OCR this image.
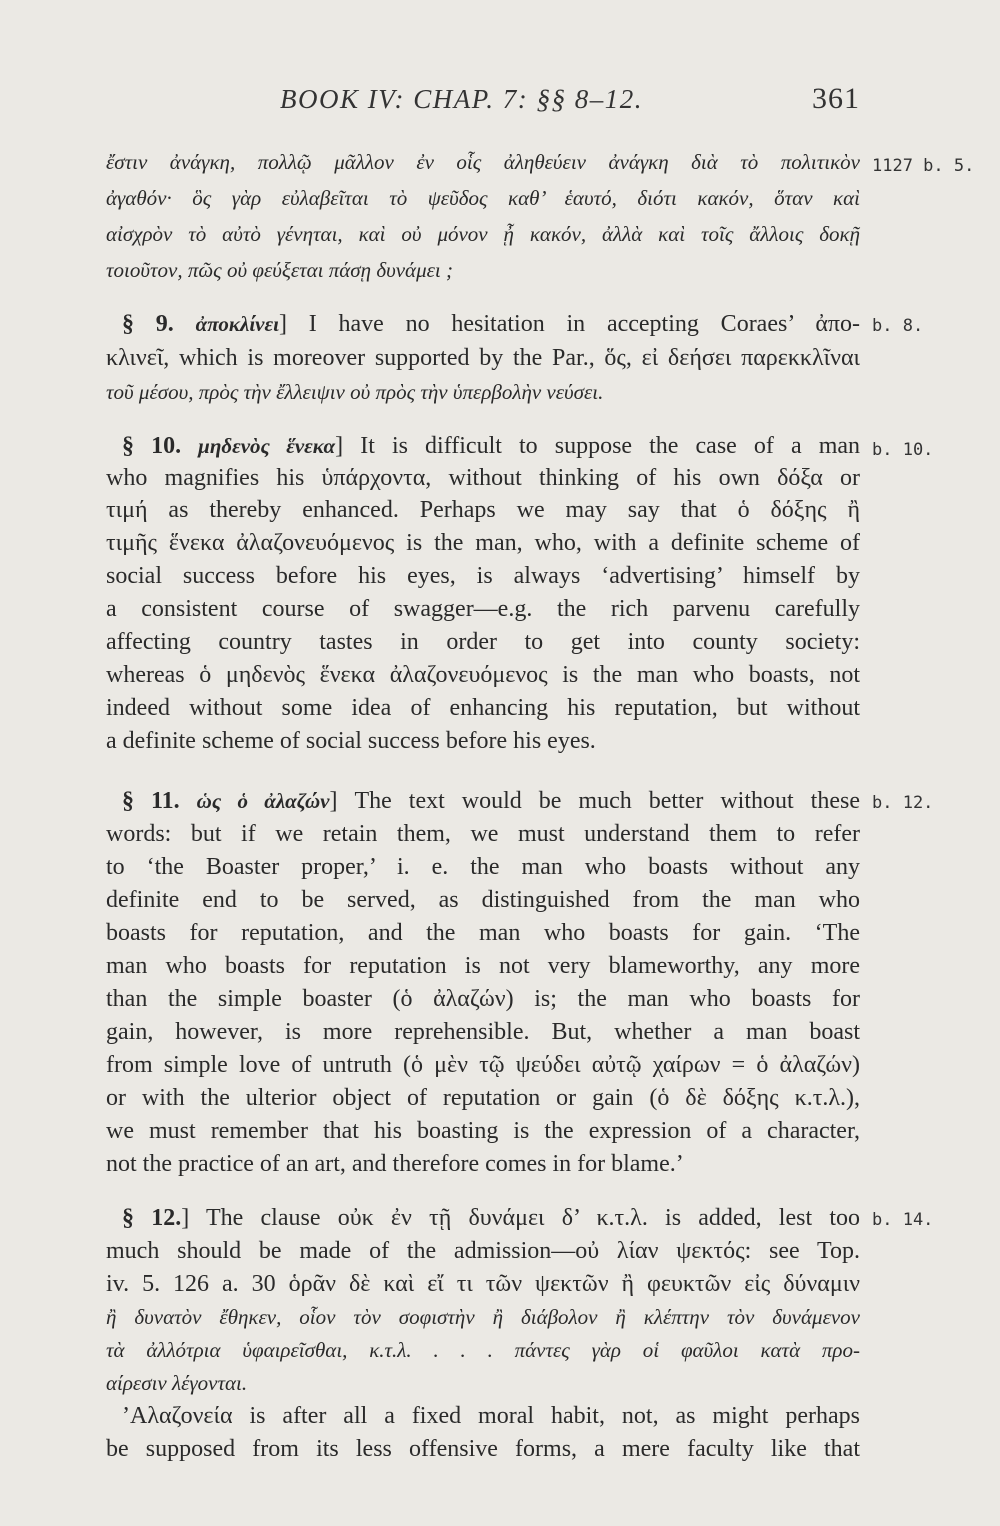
BOOK IV: CHAP. 7: §§ 8–12.	361
ἔστιν ἀνάγκη, πολλῷ μᾶλλον ἐν οἷς ἀληθεύειν ἀνάγκη διὰ τὸ πολιτικὸν
ἀγαθόν· ὃς γὰρ εὐλαβεῖται τὸ ψεῦδος καθ’ ἑαυτό, διότι κακόν, ὅταν καὶ
αἰσχρὸν τὸ αὐτὸ γένηται, καὶ οὐ μόνον ᾖ κακόν, ἀλλὰ καὶ τοῖς ἄλλοις δοκῇ
τοιοῦτον, πῶς οὐ φεύξεται πάσῃ δυνάμει ;
1127 b. 5.
§ 9. ἀποκλίνει] I have no hesitation in accepting Coraes’ ἀπο- b. 8.
κλινεῖ, which is moreover supported by the Par., ὅς, εἰ δεήσει παρεκκλῖναι
τοῦ μέσου, πρὸς τὴν ἔλλειψιν οὐ πρὸς τὴν ὑπερβολὴν νεύσει.
§ 10. μηδενὸς ἕνεκα] It is difficult to suppose the case of a man b. 10.
who magnifies his ὑπάρχοντα, without thinking of his own δόξα or
τιμή as thereby enhanced. Perhaps we may say that ὁ δόξης ἢ
τιμῆς ἕνεκα ἀλαζονευόμενος is the man, who, with a definite scheme of
social success before his eyes, is always ‘advertising’ himself by
a consistent course of swagger—e.g. the rich parvenu carefully
affecting country tastes in order to get into county society:
whereas ὁ μηδενὸς ἕνεκα ἀλαζονευόμενος is the man who boasts, not
indeed without some idea of enhancing his reputation, but without
a definite scheme of social success before his eyes.
§ 11. ὡς ὁ ἀλαζών] The text would be much better without these b. 12.
words: but if we retain them, we must understand them to refer
to ‘the Boaster proper,’ i. e. the man who boasts without any
definite end to be served, as distinguished from the man who
boasts for reputation, and the man who boasts for gain. ‘The
man who boasts for reputation is not very blameworthy, any more
than the simple boaster (ὁ ἀλαζών) is; the man who boasts for
gain, however, is more reprehensible. But, whether a man boast
from simple love of untruth (ὁ μὲν τῷ ψεύδει αὐτῷ χαίρων = ὁ ἀλαζών)
or with the ulterior object of reputation or gain (ὁ δὲ δόξης κ.τ.λ.),
we must remember that his boasting is the expression of a character,
not the practice of an art, and therefore comes in for blame.’
§ 12.] The clause οὐκ ἐν τῇ δυνάμει δ’ κ.τ.λ. is added, lest too b. 14.
much should be made of the admission—οὐ λίαν ψεκτός: see Top.
iv. 5. 126 a. 30 ὁρᾶν δὲ καὶ εἴ τι τῶν ψεκτῶν ἢ φευκτῶν εἰς δύναμιν
ἢ δυνατὸν ἔθηκεν, οἷον τὸν σοφιστὴν ἢ διάβολον ἢ κλέπτην τὸν δυνάμενον
τὰ ἀλλότρια ὑφαιρεῖσθαι, κ.τ.λ. . . . πάντες γὰρ οἱ φαῦλοι κατὰ προ-
αίρεσιν λέγονται.
’Αλαζονεία is after all a fixed moral habit, not, as might perhaps
be supposed from its less offensive forms, a mere faculty like that
